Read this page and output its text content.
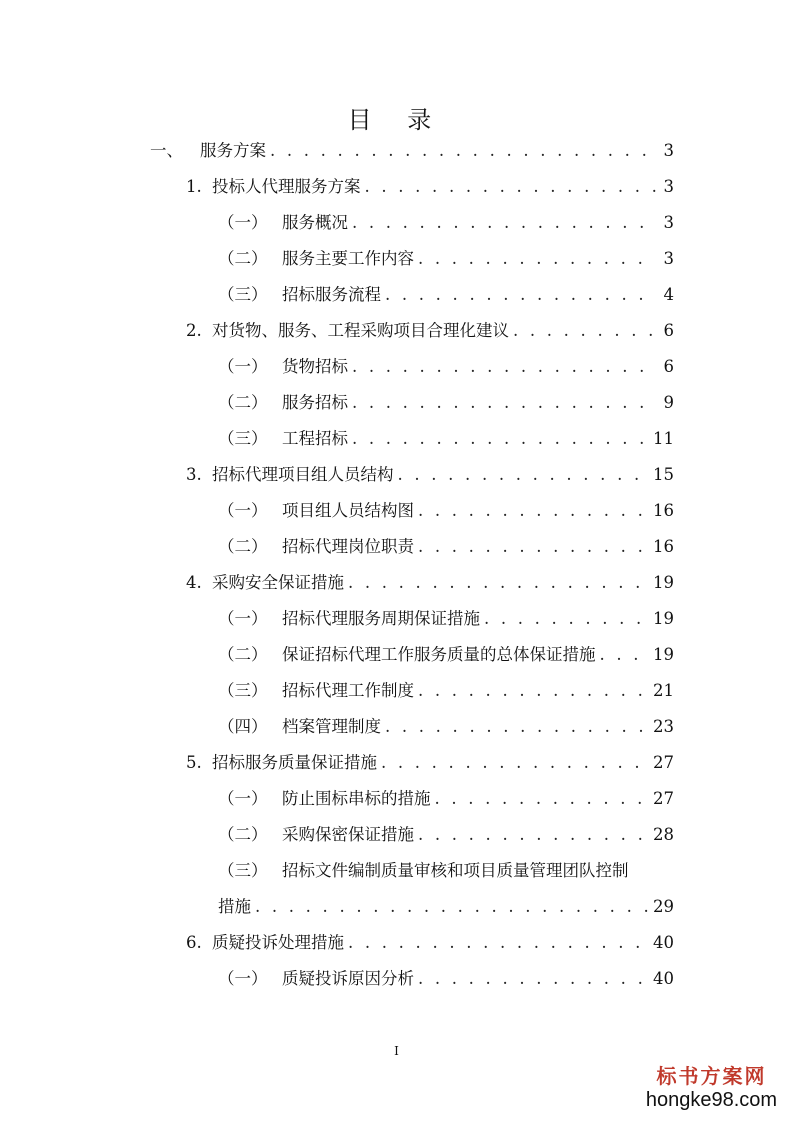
目 录
一、	服务方案 . . .	3
1. 投标人代理服务方案 . . .	3
（一） 服务概况 . . .	3
（二） 服务主要工作内容 . . .	3
（三） 招标服务流程 . . .	4
2. 对货物、服务、工程采购项目合理化建议 . . .	6
（一） 货物招标 . . .	6
（二） 服务招标 . . .	9
（三） 工程招标 . . .	11
3. 招标代理项目组人员结构 . . .	15
（一） 项目组人员结构图 . . .	16
（二） 招标代理岗位职责 . . .	16
4. 采购安全保证措施 . . .	19
（一） 招标代理服务周期保证措施 . . .	19
（二） 保证招标代理工作服务质量的总体保证措施 . . .	19
（三） 招标代理工作制度 . . .	21
（四） 档案管理制度 . . .	23
5. 招标服务质量保证措施 . . .	27
（一） 防止围标串标的措施 . . .	27
（二） 采购保密保证措施 . . .	28
（三） 招标文件编制质量审核和项目质量管理团队控制
措施 . . .	29
6. 质疑投诉处理措施 . . .	40
（一） 质疑投诉原因分析 . . .	40
I
标书方案网
hongke98.com
